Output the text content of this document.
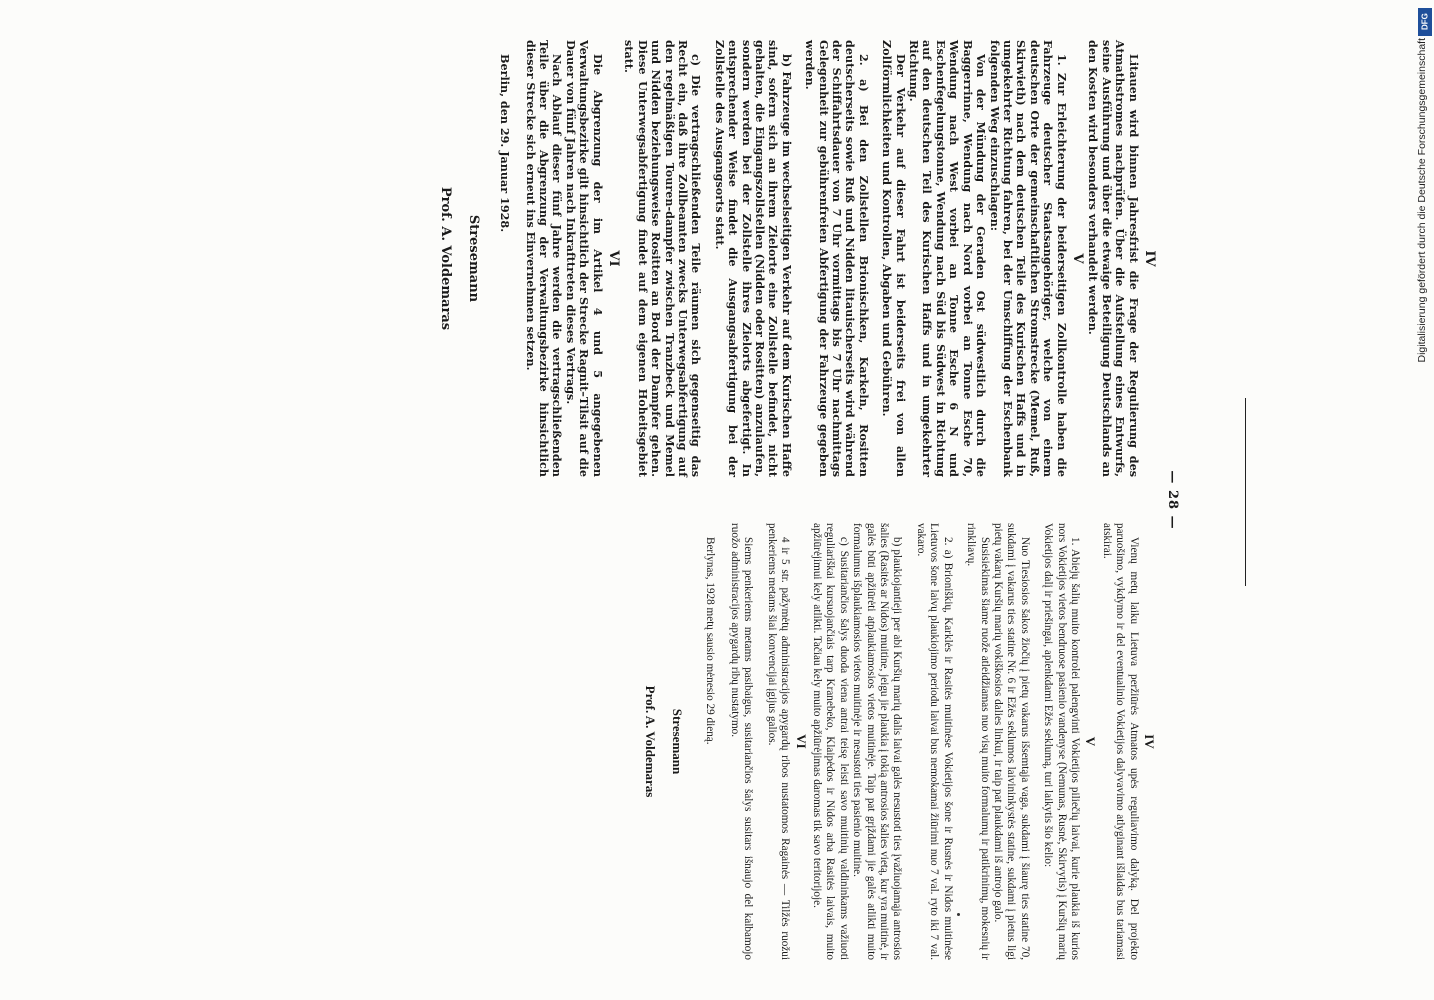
— 28 —
IV

Litauen wird binnen Jahresfrist die Frage der Regulierung des Atmathstromes nachprüfen. Über die Aufstellung eines Entwurfs, seine Ausführung und über die etwaige Beteiligung Deutschlands an den Kosten wird besonders verhandelt werden.

V

1. Zur Erleichterung der beiderseitigen Zollkontrolle haben die Fahrzeuge deutscher Staatsangehöriger, welche von einem deutschen Orte der gemeinschaftlichen Stromstrecke (Memel, Ruß, Skirwieth) nach dem deutschen Teile des Kurischen Haffs und in umgekehrter Richtung fahren, bei der Umschiffung der Eschenbank folgenden Weg einzuschlagen:

Von der Mündung der Geraden Ost südwestlich durch die Baggerrinne, Wendung nach Nord vorbei an Tonne Esche 70, Wendung nach West vorbei an Tonne Esche 6 N und Eschenfegelungstonne, Wendung nach Süd bis Südwest in Richtung auf den deutschen Teil des Kurischen Haffs und in umgekehrter Richtung.

Der Verkehr auf dieser Fahrt ist beiderseits frei von allen Zollförmlichkeiten und Kontrollen, Abgaben und Gebühren.

2. a) Bei den Zollstellen Brionischken, Karkeln, Rositten deutscherseits sowie Ruß und Nidden litauischerseits wird während der Schiffahrtsdauer von 7 Uhr vormittags bis 7 Uhr nachmittags Gelegenheit zur gebührenfreien Abfertigung der Fahrzeuge gegeben werden.

b) Fahrzeuge im wechselseitigen Verkehr auf dem Kurischen Haffe sind, sofern sich an ihrem Zielorte eine Zollstelle befindet, nicht gehalten, die Eingangszollstellen (Nidden oder Rositten) anzulaufen, sondern werden bei der Zollstelle ihres Zielorts abgefertigt. In entsprechender Weise findet die Ausgangsabfertigung bei der Zollstelle des Ausgangsorts statt.

c) Die vertragschließenden Teile räumen sich gegenseitig das Recht ein, daß ihre Zollbeamten zwecks Unterwegsabfertigung auf den regelmäßigen Touren-dampfer zwischen Tranzbeck und Memel und Nidden beziehungsweise Rositten an Bord der Dampfer gehen. Diese Unterwegsabfertigung findet auf dem eigenen Hoheitsgebiet statt.

VI

Die Abgrenzung der im Artikel 4 und 5 angegebenen Verwaltungsbezirke gilt hinsichtlich der Strecke Ragnit–Tilsit auf die Dauer von fünf Jahren nach Inkrafttreten dieses Vertrags.

Nach Ablauf dieser fünf Jahre werden die vertragschließenden Teile über die Abgrenzung der Verwaltungsbezirke hinsichtlich dieser Strecke sich erneut ins Einvernehmen setzen.

Berlin, den 29. Januar 1928.

Stresemann
Prof. A. Voldemaras
IV

Vienų metų laiku Lietuva peržiūrės Atmatos upės reguliavimo dalyką. Del projekto paruošimo, vykdymo ir del eventualinio Vokietijos dalyvavimo atlyginant išlaidas bus tariamasi atskirai.

V

1. Abiejų šalių muito kontrolei palengvinti Vokietijos piliečių laivai, kurie plaukia iš kurios nors Vokietijos vietos bendruose pasienio vandenyse (Nemunas, Rusnė, Skirvytis) į Kuršių marių Vokietijos dalį ir priešingai, aplenkdami Ežės seklumą, turi laikytis šio kelio:

Nuo Tiesiosios šakos žiočių į pietų vakarus išsemtąja vaga, sukdami į šiaurę ties statine 70, sukdami į vakarus ties statine Nr. 6 ir Ežės seklumos laivininkystės statine, sukdami į pietus ligi pietų vakarų Kuršių marių vokiškosios dalies linkui, ir taip pat plaukdami iš antrojo galo.

Susisiekimas šiame ruože atleidžiamas nuo visų muito formalumų ir patikrinimų, mokesnių ir rinkliavų.

2. a) Brioniškių, Karklės ir Rasitės muitinėse Vokietijos šone ir Rusnės ir Nidos muitinėse Lietuvos šone laivų plaukiojimo periodu laivai bus nemokamai žiūrimi nuo 7 val. ryto iki 7 val. vakaro.

b) plaukiojantieji per abi Kuršių marių dalis laivai galės nesustoti ties įvažiuojamąja antrosios šalies (Rasitės ar Nidos) muitine, jeigu jie plaukia į tokią antrosios šalies vietą, kur yra muitinė, ir galės būti apžiūrėti atplaukiamosios vietos muitinėje. Taip pat grįždami jie galės atlikti muito formalumus išplaukiamosios vietos muitinėje ir nesustoti ties pasienio muitine.

c) Susitariančios šalys duoda viena antrai teisę leisti savo muitinių valdininkams važiuoti reguliariškai kursuojančiais tarp Kranebeko, Klaipėdos ir Nidos arba Rasitės laivais, muito apžiūrėjimui kely atlikti. Tačiau kely muito apžiūrėjimas daromas tik savo teritorijoje.

VI

4 ir 5 str. pažymėtų administracijos apygardų ribos nustatomos Ragainės — Tilžės ruožui penkeriems metams šiai konvencijai įgijus galios.

Siems penkeriems metams pasibaigus, susitariančios šalys susitars išnaujo del kalbamojo ruožo administracijos apygardų ribų nustatymo.

Berlynas, 1928 metų sausio mėnesio 29 dieną.

Stresemann
Prof. A. Voldemaras
Digitalisierung gefördert durch die Deutsche Forschungsgemeinschaft
DFG
